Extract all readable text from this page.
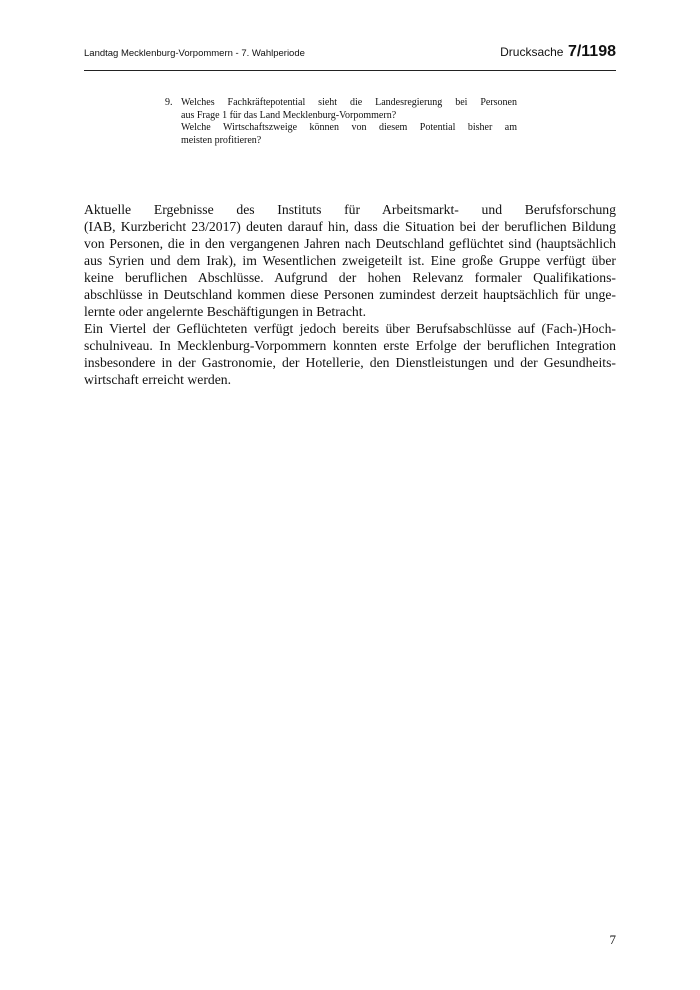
Landtag Mecklenburg-Vorpommern - 7. Wahlperiode	Drucksache 7/1198
9. Welches Fachkräftepotential sieht die Landesregierung bei Personen

aus Frage 1 für das Land Mecklenburg-Vorpommern?

Welche Wirtschaftszweige können von diesem Potential bisher am

meisten profitieren?

Aktuelle Ergebnisse des Instituts für Arbeitsmarkt- und Berufsforschung
(IAB, Kurzbericht 23/2017) deuten darauf hin, dass die Situation bei der beruflichen Bildung
von Personen, die in den vergangenen Jahren nach Deutschland geflüchtet sind (hauptsächlich
aus Syrien und dem Irak), im Wesentlichen zweigeteilt ist. Eine große Gruppe verfügt über
keine beruflichen Abschlüsse. Aufgrund der hohen Relevanz formaler Qualifikations-
abschlüsse in Deutschland kommen diese Personen zumindest derzeit hauptsächlich für unge-
lernte oder angelernte Beschäftigungen in Betracht.
Ein Viertel der Geflüchteten verfügt jedoch bereits über Berufsabschlüsse auf (Fach-)Hoch-
schulniveau. In Mecklenburg-Vorpommern konnten erste Erfolge der beruflichen Integration
insbesondere in der Gastronomie, der Hotellerie, den Dienstleistungen und der Gesundheits-
wirtschaft erreicht werden.
7
